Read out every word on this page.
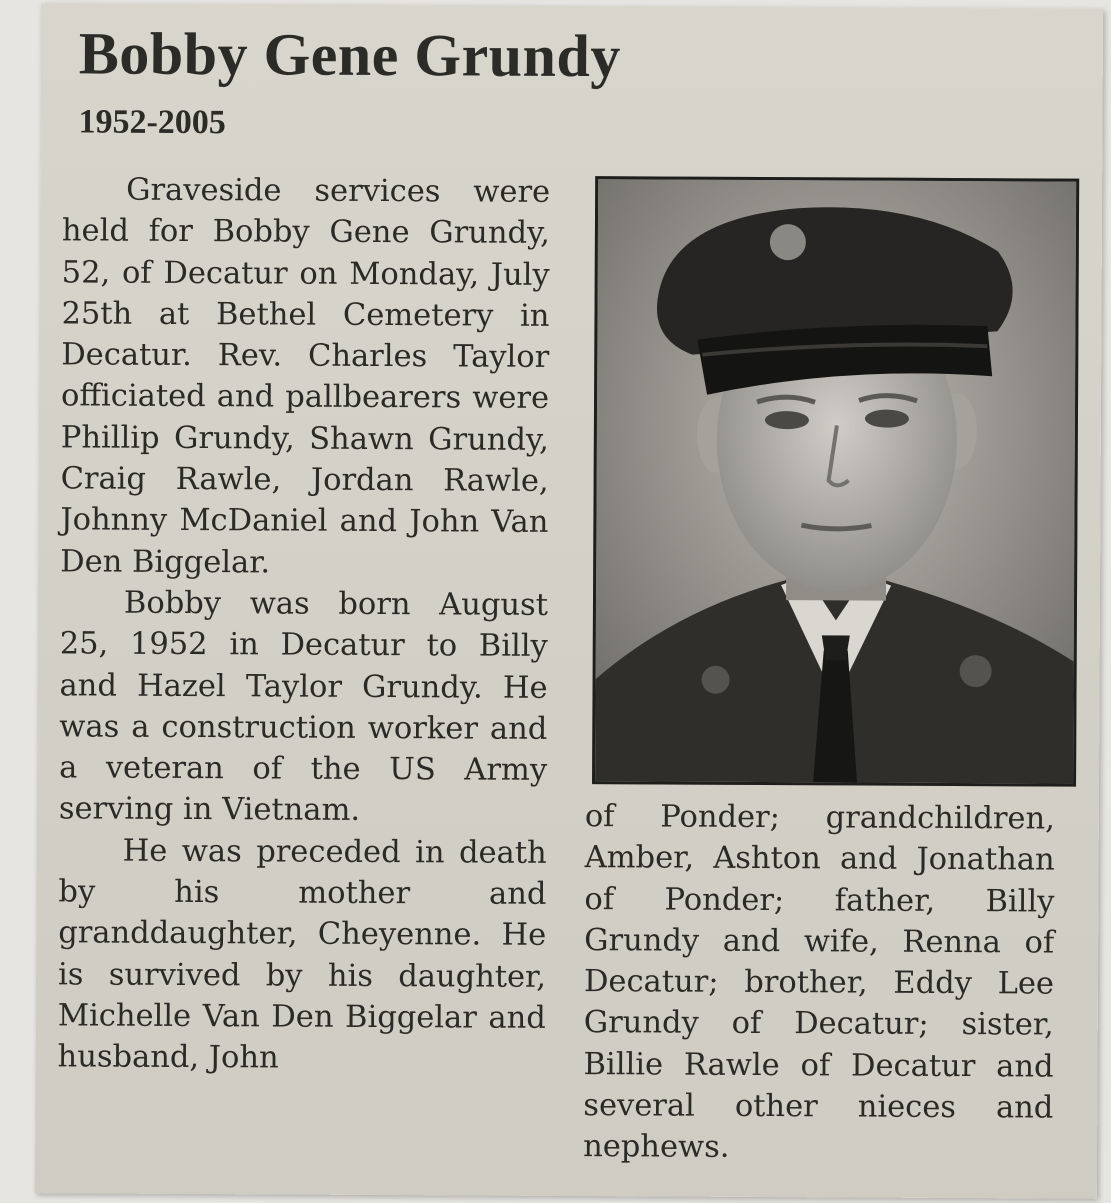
Bobby Gene Grundy
1952-2005

Graveside services were held for Bobby Gene Grundy, 52, of Decatur on Monday, July 25th at Bethel Cemetery in Decatur. Rev. Charles Taylor officiated and pallbearers were Phillip Grundy, Shawn Grundy, Craig Rawle, Jordan Rawle, Johnny McDaniel and John Van Den Biggelar.

Bobby was born August 25, 1952 in Decatur to Billy and Hazel Taylor Grundy. He was a construction worker and a veteran of the US Army serving in Vietnam.

He was preceded in death by his mother and granddaughter, Cheyenne. He is survived by his daughter, Michelle Van Den Biggelar and husband, John

of Ponder; grandchildren, Amber, Ashton and Jonathan of Ponder; father, Billy Grundy and wife, Renna of Decatur; brother, Eddy Lee Grundy of Decatur; sister, Billie Rawle of Decatur and several other nieces and nephews.
